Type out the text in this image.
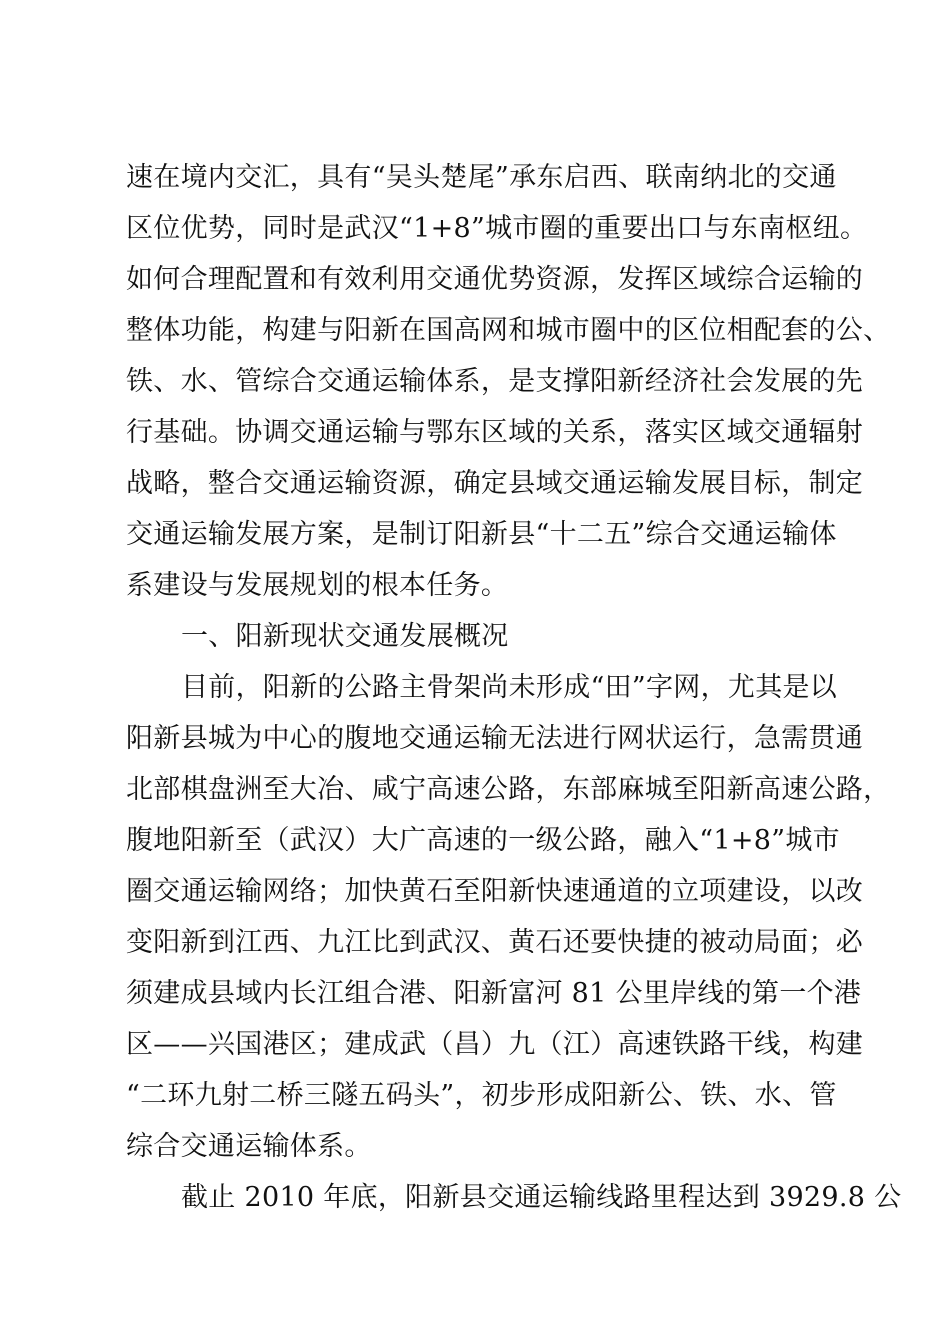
速在境内交汇，具有“吴头楚尾”承东启西、联南纳北的交通
区位优势，同时是武汉“1+8”城市圈的重要出口与东南枢纽。
如何合理配置和有效利用交通优势资源，发挥区域综合运输的
整体功能，构建与阳新在国高网和城市圈中的区位相配套的公、
铁、水、管综合交通运输体系，是支撑阳新经济社会发展的先
行基础。协调交通运输与鄂东区域的关系，落实区域交通辐射
战略，整合交通运输资源，确定县域交通运输发展目标，制定
交通运输发展方案，是制订阳新县“十二五”综合交通运输体
系建设与发展规划的根本任务。
一、阳新现状交通发展概况
目前，阳新的公路主骨架尚未形成“田”字网，尤其是以
阳新县城为中心的腹地交通运输无法进行网状运行，急需贯通
北部棋盘洲至大冶、咸宁高速公路，东部麻城至阳新高速公路，
腹地阳新至（武汉）大广高速的一级公路，融入“1+8”城市
圈交通运输网络；加快黄石至阳新快速通道的立项建设，以改
变阳新到江西、九江比到武汉、黄石还要快捷的被动局面；必
须建成县域内长江组合港、阳新富河 81 公里岸线的第一个港
区——兴国港区；建成武（昌）九（江）高速铁路干线，构建
“二环九射二桥三隧五码头”，初步形成阳新公、铁、水、管
综合交通运输体系。
截止 2010 年底，阳新县交通运输线路里程达到 3929.8 公
